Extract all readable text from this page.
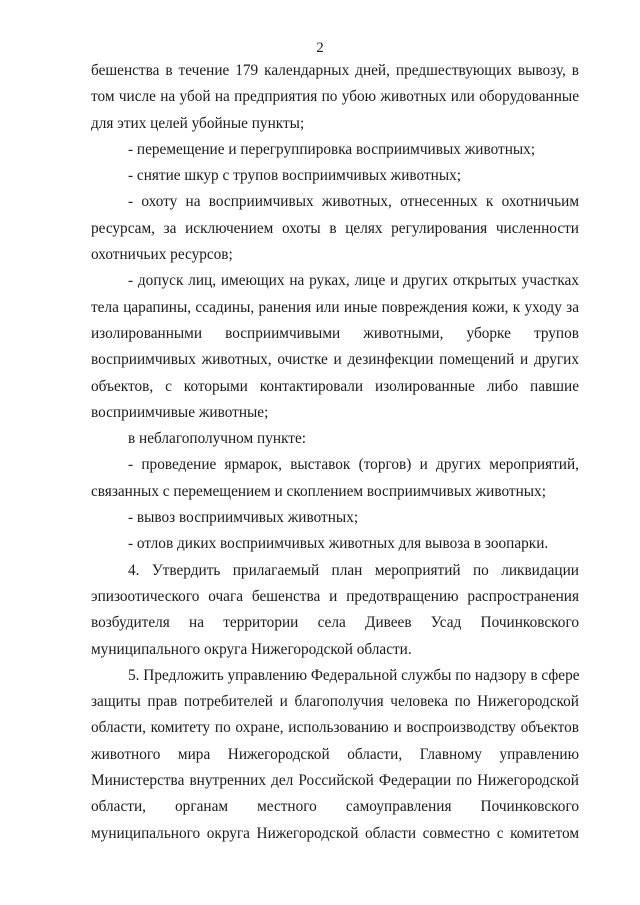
2
бешенства в течение 179 календарных дней, предшествующих вывозу, в
том числе на убой на предприятия по убою животных или оборудованные
для этих целей убойные пункты;
- перемещение и перегруппировка восприимчивых животных;
- снятие шкур с трупов восприимчивых животных;
- охоту на восприимчивых животных, отнесенных к охотничьим
ресурсам, за исключением охоты в целях регулирования численности
охотничьих ресурсов;
- допуск лиц, имеющих на руках, лице и других открытых участках
тела царапины, ссадины, ранения или иные повреждения кожи, к уходу за
изолированными восприимчивыми животными, уборке трупов
восприимчивых животных, очистке и дезинфекции помещений и других
объектов, с которыми контактировали изолированные либо павшие
восприимчивые животные;
в неблагополучном пункте:
- проведение ярмарок, выставок (торгов) и других мероприятий,
связанных с перемещением и скоплением восприимчивых животных;
- вывоз восприимчивых животных;
- отлов диких восприимчивых животных для вывоза в зоопарки.
4. Утвердить прилагаемый план мероприятий по ликвидации
эпизоотического очага бешенства и предотвращению распространения
возбудителя на территории села Дивеев Усад Починковского
муниципального округа Нижегородской области.
5. Предложить управлению Федеральной службы по надзору в сфере
защиты прав потребителей и благополучия человека по Нижегородской
области, комитету по охране, использованию и воспроизводству объектов
животного мира Нижегородской области, Главному управлению
Министерства внутренних дел Российской Федерации по Нижегородской
области, органам местного самоуправления Починковского
муниципального округа Нижегородской области совместно с комитетом
